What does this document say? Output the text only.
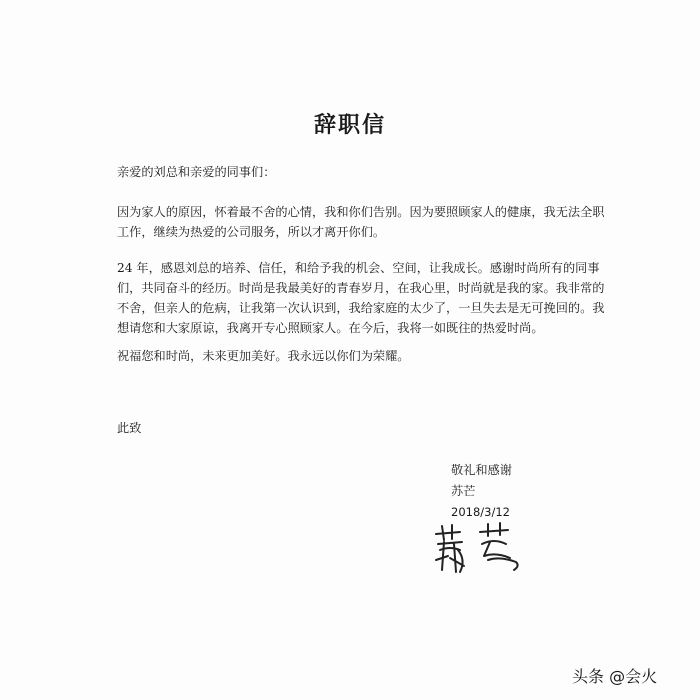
辞职信

亲爱的刘总和亲爱的同事们：

因为家人的原因，怀着最不舍的心情，我和你们告别。因为要照顾家人的健康，我无法全职工作，继续为热爱的公司服务，所以才离开你们。

24 年，感恩刘总的培养、信任，和给予我的机会、空间，让我成长。感谢时尚所有的同事们，共同奋斗的经历。时尚是我最美好的青春岁月，在我心里，时尚就是我的家。我非常的不舍，但亲人的危病，让我第一次认识到，我给家庭的太少了，一旦失去是无可挽回的。我想请您和大家原谅，我离开专心照顾家人。在今后，我将一如既往的热爱时尚。

祝福您和时尚，未来更加美好。我永远以你们为荣耀。

此致

敬礼和感谢
苏芒
2018/3/12
头条 @会火
